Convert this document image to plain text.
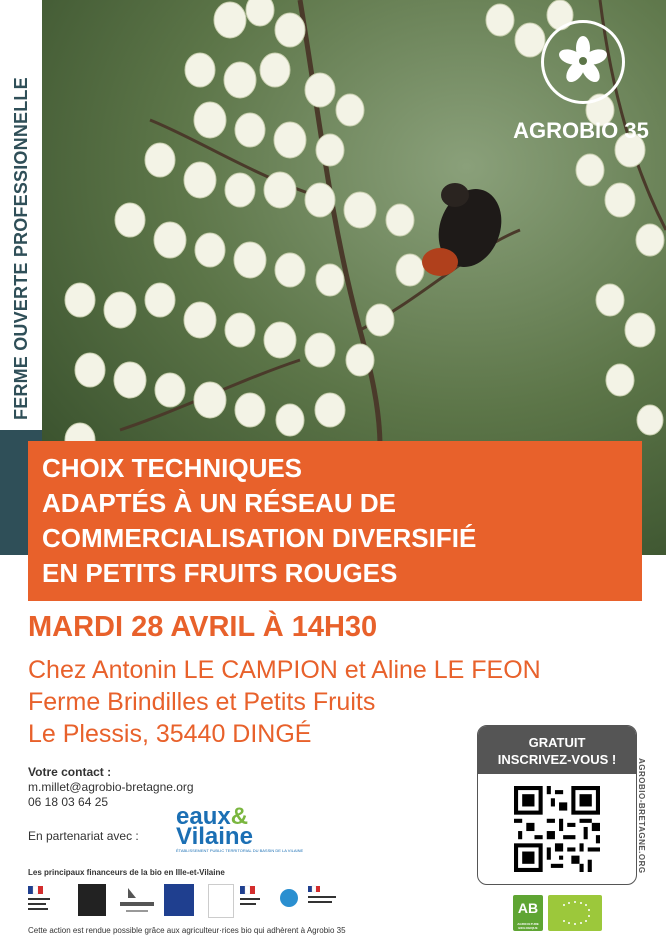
FERME OUVERTE PROFESSIONNELLE	AGROBIO 35
CHOIX TECHNIQUES
ADAPTÉS À UN RÉSEAU DE
COMMERCIALISATION DIVERSIFIÉ
EN PETITS FRUITS ROUGES
MARDI 28 AVRIL À 14H30
Chez Antonin LE CAMPION et Aline LE FEON
Ferme Brindilles et Petits Fruits
Le Plessis, 35440 DINGÉ
Votre contact :
m.millet@agrobio-bretagne.org
06 18 03 64 25
En partenariat avec :
eaux&
Vilaine
ÉTABLISSEMENT PUBLIC TERRITORIAL DU BASSIN DE LA VILAINE
Les principaux financeurs de la bio en Ille-et-Vilaine
Cette action est rendue possible grâce aux agriculteur·rices bio qui adhèrent à Agrobio 35
GRATUIT
INSCRIVEZ-VOUS !	AGROBIO-BRETAGNE.ORG
AB
AGRICULTURE BIOLOGIQUE
